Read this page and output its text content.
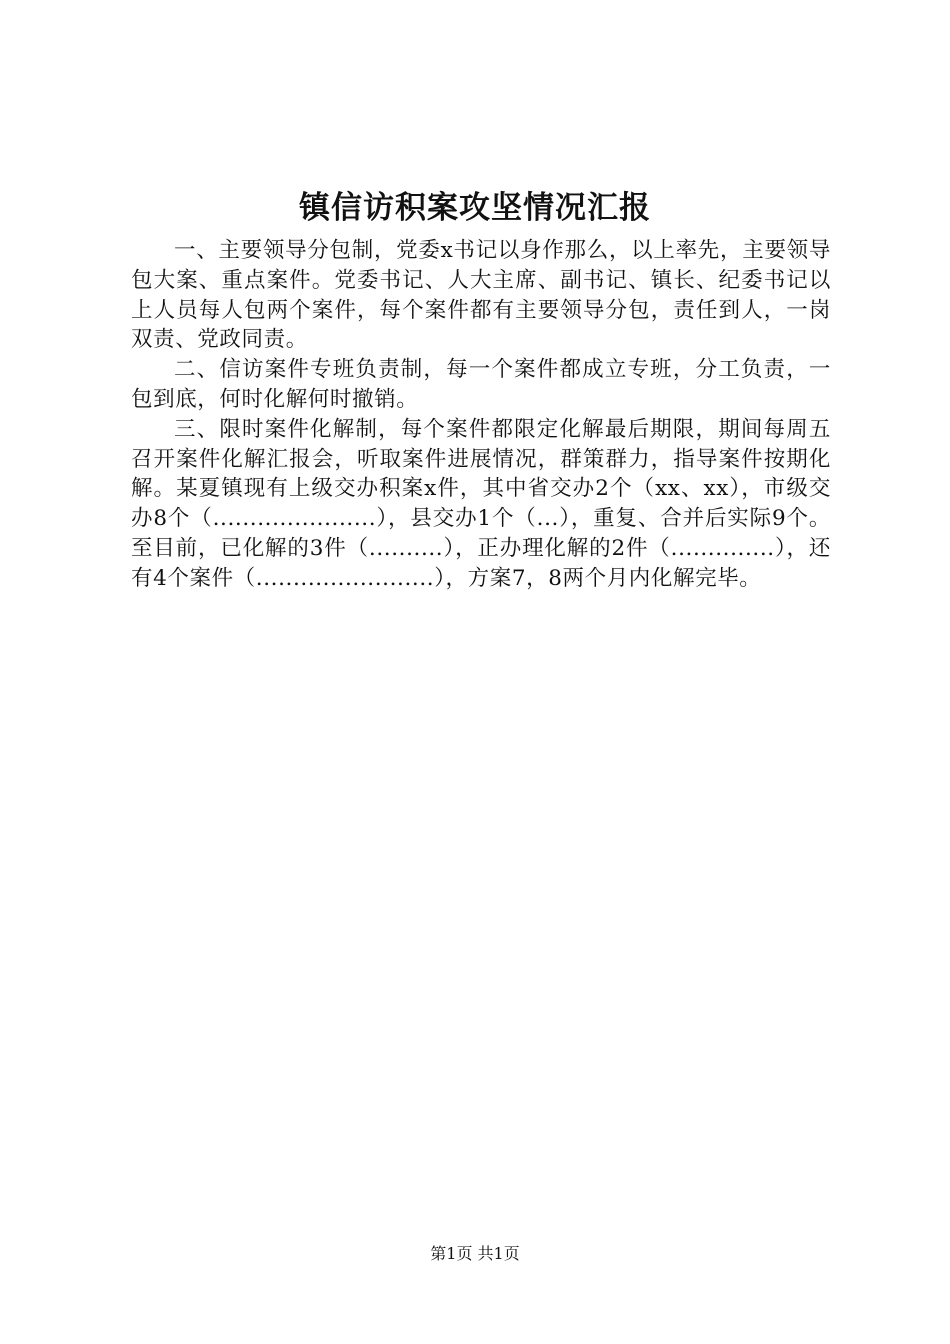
镇信访积案攻坚情况汇报

一、主要领导分包制，党委x书记以身作那么，以上率先，主要领导包大案、重点案件。党委书记、人大主席、副书记、镇长、纪委书记以上人员每人包两个案件，每个案件都有主要领导分包，责任到人，一岗双责、党政同责。

二、信访案件专班负责制，每一个案件都成立专班，分工负责，一包到底，何时化解何时撤销。

三、限时案件化解制，每个案件都限定化解最后期限，期间每周五召开案件化解汇报会，听取案件进展情况，群策群力，指导案件按期化解。某夏镇现有上级交办积案x件，其中省交办2个（xx、xx），市级交办8个（......................），县交办1个（...），重复、合并后实际9个。至目前，已化解的3件（..........），正办理化解的2件（..............），还有4个案件（........................），方案7，8两个月内化解完毕。

第1页 共1页
